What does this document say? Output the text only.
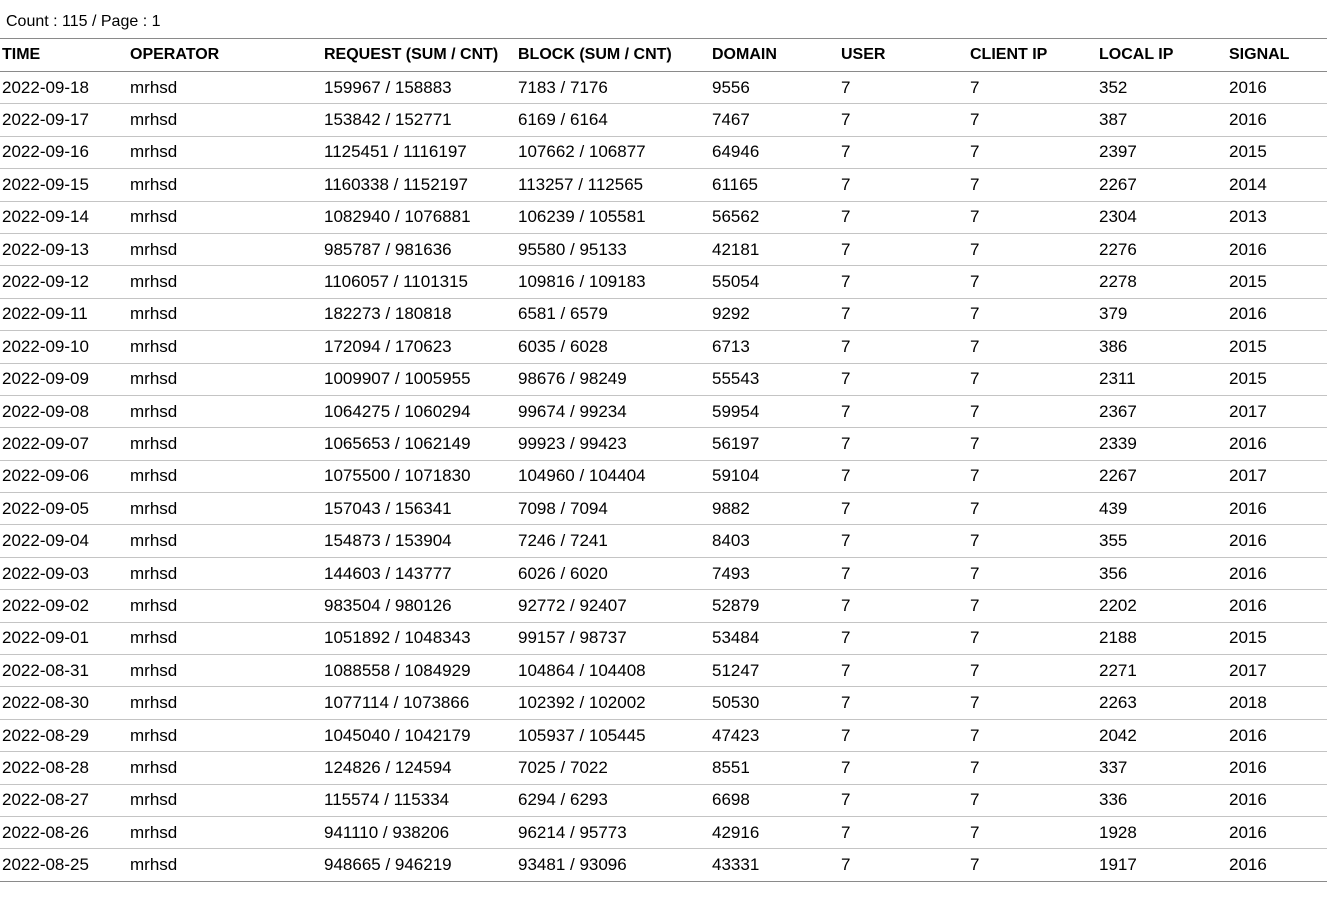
Count : 115 / Page : 1
TIME	OPERATOR	REQUEST (SUM / CNT)	BLOCK (SUM / CNT)	DOMAIN	USER	CLIENT IP	LOCAL IP	SIGNAL
2022-09-18	mrhsd	159967 / 158883	7183 / 7176	9556	7	7	352	2016
2022-09-17	mrhsd	153842 / 152771	6169 / 6164	7467	7	7	387	2016
2022-09-16	mrhsd	1125451 / 1116197	107662 / 106877	64946	7	7	2397	2015
2022-09-15	mrhsd	1160338 / 1152197	113257 / 112565	61165	7	7	2267	2014
2022-09-14	mrhsd	1082940 / 1076881	106239 / 105581	56562	7	7	2304	2013
2022-09-13	mrhsd	985787 / 981636	95580 / 95133	42181	7	7	2276	2016
2022-09-12	mrhsd	1106057 / 1101315	109816 / 109183	55054	7	7	2278	2015
2022-09-11	mrhsd	182273 / 180818	6581 / 6579	9292	7	7	379	2016
2022-09-10	mrhsd	172094 / 170623	6035 / 6028	6713	7	7	386	2015
2022-09-09	mrhsd	1009907 / 1005955	98676 / 98249	55543	7	7	2311	2015
2022-09-08	mrhsd	1064275 / 1060294	99674 / 99234	59954	7	7	2367	2017
2022-09-07	mrhsd	1065653 / 1062149	99923 / 99423	56197	7	7	2339	2016
2022-09-06	mrhsd	1075500 / 1071830	104960 / 104404	59104	7	7	2267	2017
2022-09-05	mrhsd	157043 / 156341	7098 / 7094	9882	7	7	439	2016
2022-09-04	mrhsd	154873 / 153904	7246 / 7241	8403	7	7	355	2016
2022-09-03	mrhsd	144603 / 143777	6026 / 6020	7493	7	7	356	2016
2022-09-02	mrhsd	983504 / 980126	92772 / 92407	52879	7	7	2202	2016
2022-09-01	mrhsd	1051892 / 1048343	99157 / 98737	53484	7	7	2188	2015
2022-08-31	mrhsd	1088558 / 1084929	104864 / 104408	51247	7	7	2271	2017
2022-08-30	mrhsd	1077114 / 1073866	102392 / 102002	50530	7	7	2263	2018
2022-08-29	mrhsd	1045040 / 1042179	105937 / 105445	47423	7	7	2042	2016
2022-08-28	mrhsd	124826 / 124594	7025 / 7022	8551	7	7	337	2016
2022-08-27	mrhsd	115574 / 115334	6294 / 6293	6698	7	7	336	2016
2022-08-26	mrhsd	941110 / 938206	96214 / 95773	42916	7	7	1928	2016
2022-08-25	mrhsd	948665 / 946219	93481 / 93096	43331	7	7	1917	2016
